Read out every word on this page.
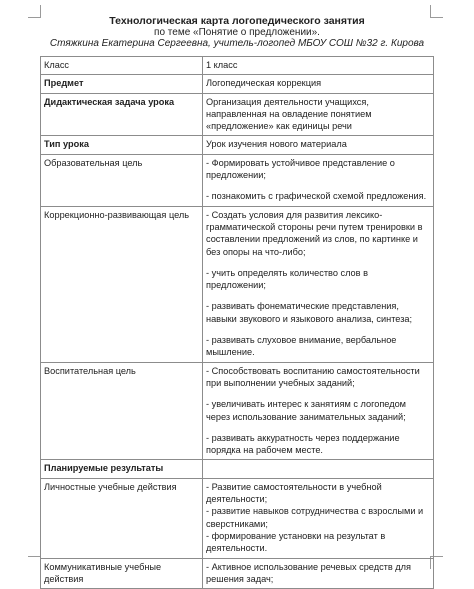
Технологическая карта логопедического занятия
по теме «Понятие о предложении».
Стяжкина Екатерина Сергеевна, учитель-логопед МБОУ СОШ №32 г. Кирова
Класс	1 класс
Предмет	Логопедическая коррекция
Дидактическая задача урока	Организация деятельности учащихся, направленная на овладение понятием «предложение» как единицы речи
Тип урока	Урок изучения нового материала
Образовательная цель	- Формировать устойчивое представление о предложении;
- познакомить с графической схемой предложения.

Коррекционно-развивающая цель	- Создать условия для развития лексико-грамматической стороны речи путем тренировки в составлении предложений из слов, по картинке и без опоры на что-либо;
- учить определять количество слов в предложении;
- развивать фонематические представления, навыки звукового и языкового анализа, синтеза;
- развивать слуховое внимание, вербальное мышление.

Воспитательная цель	- Способствовать воспитанию самостоятельности при выполнении учебных заданий;
- увеличивать интерес к занятиям с логопедом через использование занимательных заданий;
- развивать аккуратность через поддержание порядка на рабочем месте.

Планируемые результаты	
Личностные учебные действия	- Развитие самостоятельности в учебной деятельности;
- развитие навыков сотрудничества с взрослыми и сверстниками;
- формирование установки на результат в деятельности.

Коммуникативные учебные действия	- Активное использование речевых средств для решения задач;
